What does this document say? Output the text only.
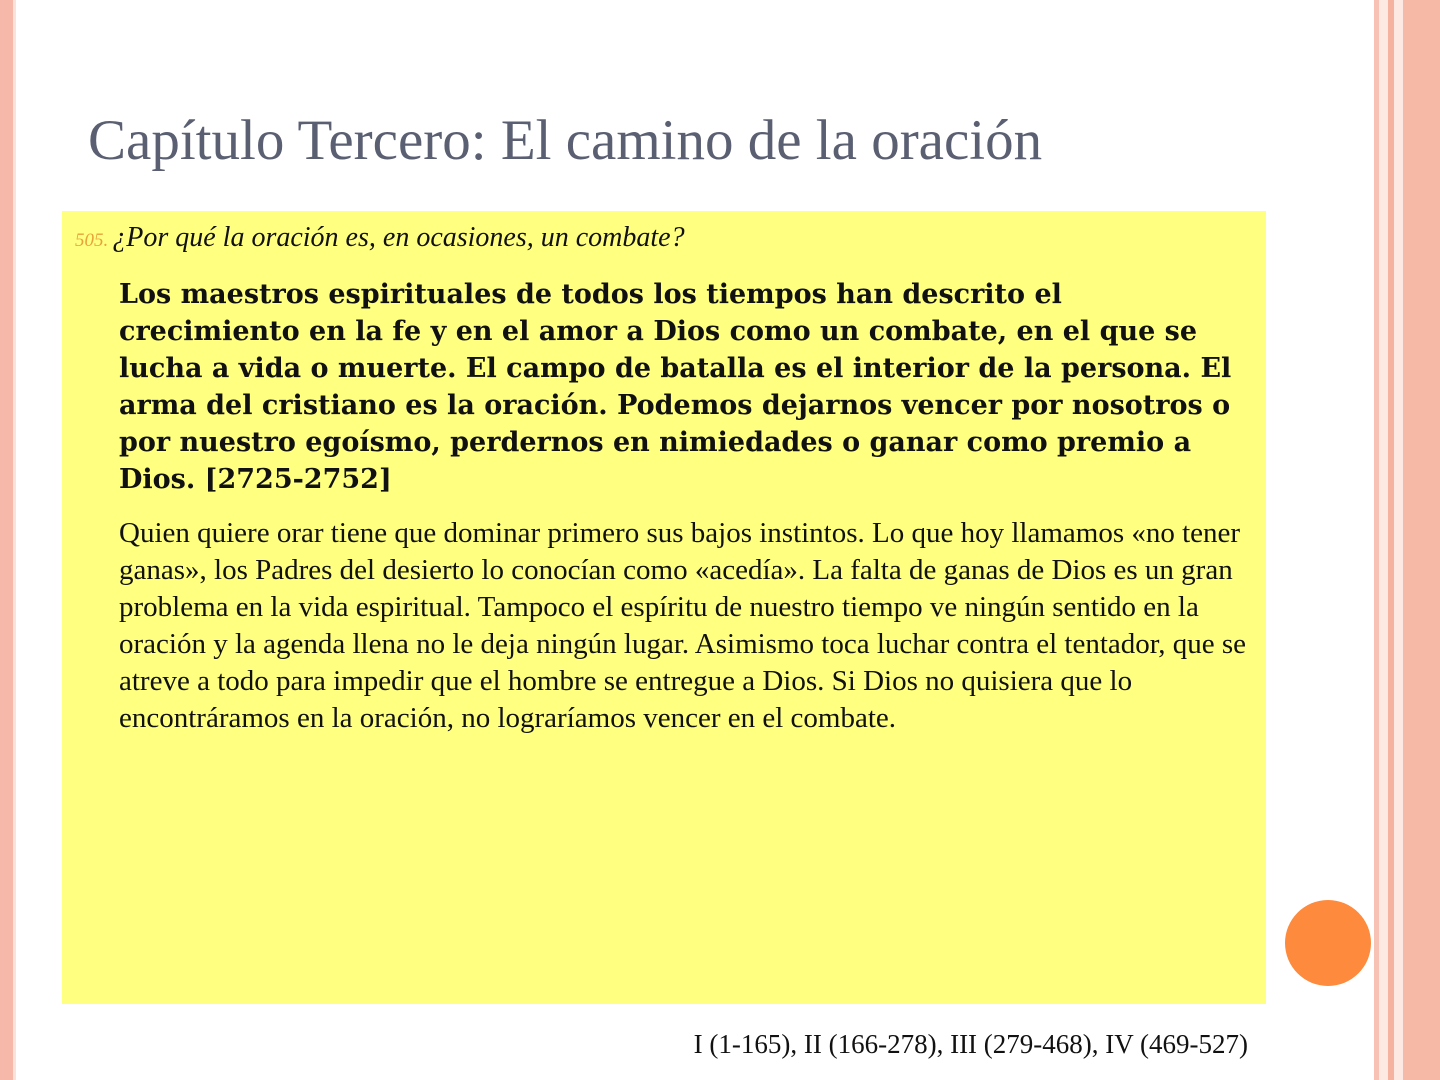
Capítulo Tercero: El camino de la oración
505. ¿Por qué la oración es, en ocasiones, un combate?

Los maestros espirituales de todos los tiempos han descrito el crecimiento en la fe y en el amor a Dios como un combate, en el que se lucha a vida o muerte. El campo de batalla es el interior de la persona. El arma del cristiano es la oración. Podemos dejarnos vencer por nosotros o por nuestro egoísmo, perdernos en nimiedades o ganar como premio a Dios. [2725-2752]

Quien quiere orar tiene que dominar primero sus bajos instintos. Lo que hoy llamamos «no tener ganas», los Padres del desierto lo conocían como «acedía». La falta de ganas de Dios es un gran problema en la vida espiritual. Tampoco el espíritu de nuestro tiempo ve ningún sentido en la oración y la agenda llena no le deja ningún lugar. Asimismo toca luchar contra el tentador, que se atreve a todo para impedir que el hombre se entregue a Dios. Si Dios no quisiera que lo encontráramos en la oración, no lograríamos vencer en el combate.

I (1-165), II (166-278), III (279-468), IV (469-527)
